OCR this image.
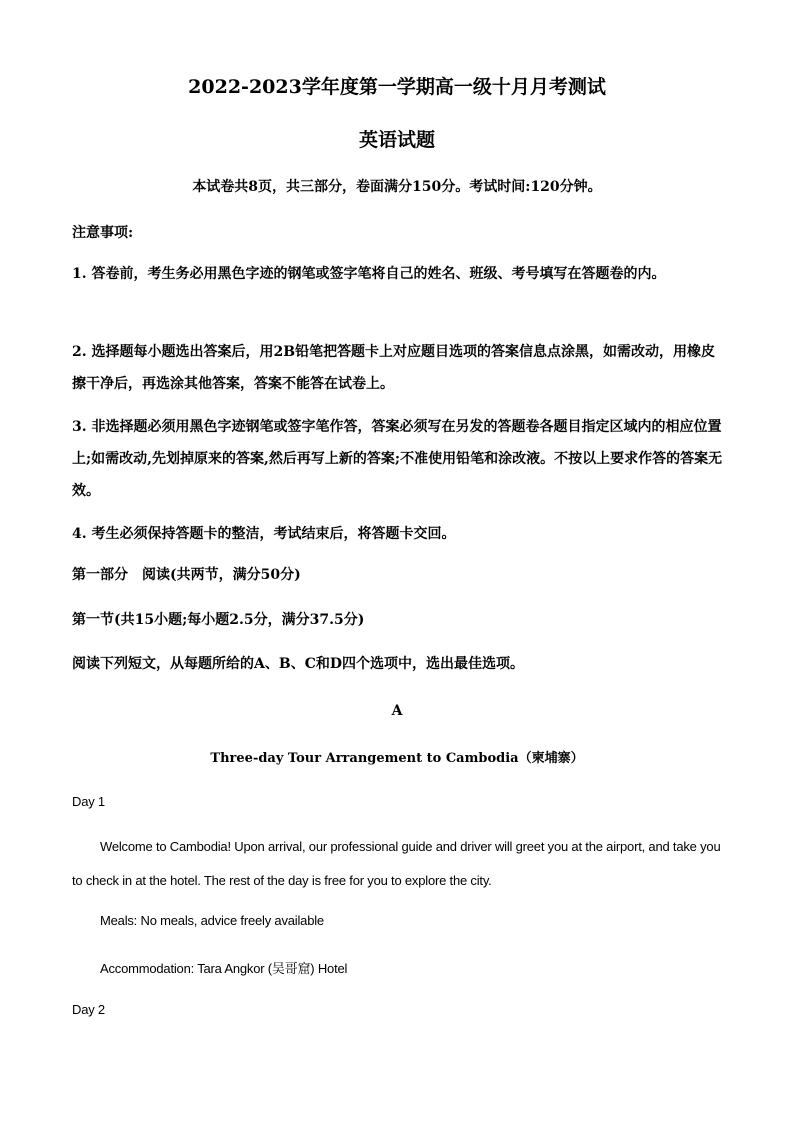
2022-2023学年度第一学期高一级十月月考测试
英语试题
本试卷共8页，共三部分，卷面满分150分。考试时间:120分钟。
注意事项:
1. 答卷前，考生务必用黑色字迹的钢笔或签字笔将自己的姓名、班级、考号填写在答题卷的内。
2. 选择题每小题选出答案后，用2B铅笔把答题卡上对应题目选项的答案信息点涂黑，如需改动，用橡皮擦干净后，再选涂其他答案，答案不能答在试卷上。
3. 非选择题必须用黑色字迹钢笔或签字笔作答，答案必须写在另发的答题卷各题目指定区域内的相应位置上;如需改动,先划掉原来的答案,然后再写上新的答案;不准使用铅笔和涂改液。不按以上要求作答的答案无效。
4. 考生必须保持答题卡的整洁，考试结束后，将答题卡交回。
第一部分　阅读(共两节，满分50分)
第一节(共15小题;每小题2.5分，满分37.5分)
阅读下列短文，从每题所给的A、B、C和D四个选项中，选出最佳选项。
A
Three-day Tour Arrangement to Cambodia（柬埔寨）
Day 1
Welcome to Cambodia! Upon arrival, our professional guide and driver will greet you at the airport, and take you to check in at the hotel. The rest of the day is free for you to explore the city.
Meals: No meals, advice freely available
Accommodation: Tara Angkor (吴哥窟) Hotel
Day 2
